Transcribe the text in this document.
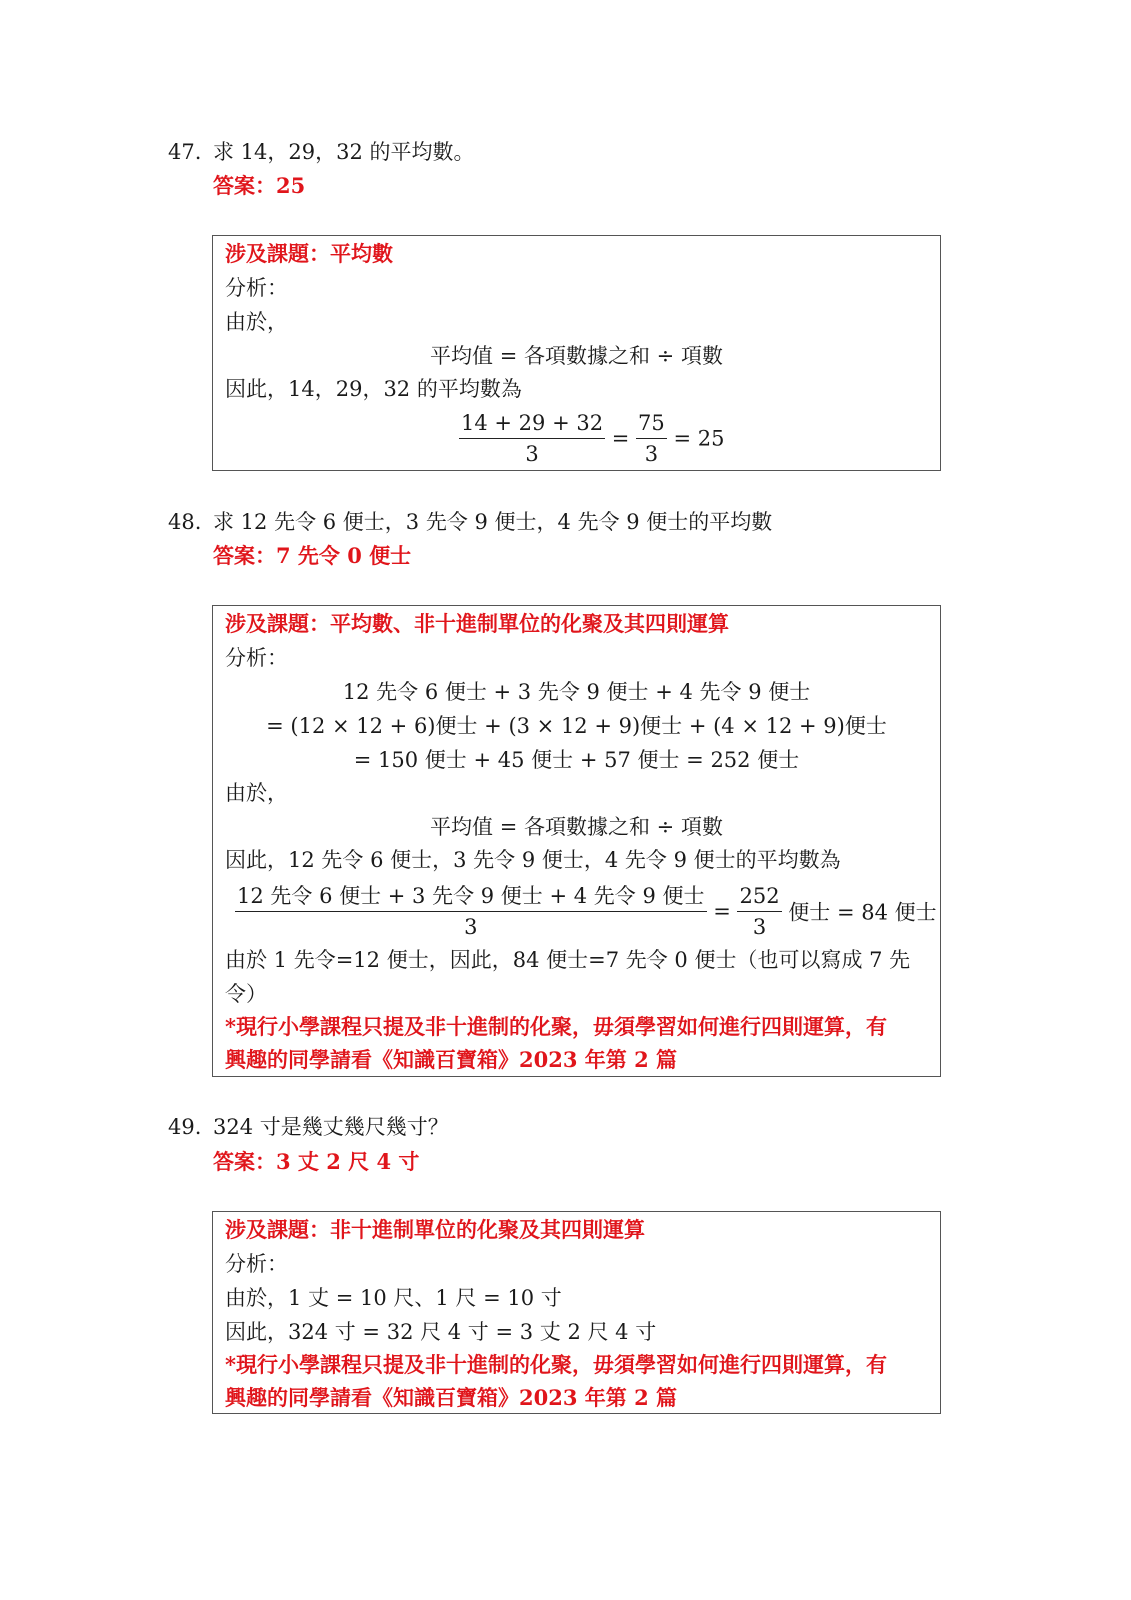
47. 求 14，29，32 的平均數。
答案：25
涉及課題：平均數
分析：
由於，
平均值 = 各項數據之和 ÷ 項數
因此，14，29，32 的平均數為
$\frac{14 + 29 + 32}{3} = \frac{75}{3} = 25$
48. 求 12 先令 6 便士，3 先令 9 便士，4 先令 9 便士的平均數
答案：7 先令 0 便士
涉及課題：平均數、非十進制單位的化聚及其四則運算
分析：
12 先令 6 便士 + 3 先令 9 便士 + 4 先令 9 便士
= (12 × 12 + 6)便士 + (3 × 12 + 9)便士 + (4 × 12 + 9)便士
= 150 便士 + 45 便士 + 57 便士 = 252 便士
由於，
平均值 = 各項數據之和 ÷ 項數
因此，12 先令 6 便士，3 先令 9 便士，4 先令 9 便士的平均數為
$\frac{\text{12 先令 6 便士 + 3 先令 9 便士 + 4 先令 9 便士}}{3} = \frac{252}{3}$ 便士 = 84 便士
由於 1 先令=12 便士，因此，84 便士=7 先令 0 便士（也可以寫成 7 先
令）
*現行小學課程只提及非十進制的化聚，毋須學習如何進行四則運算，有
興趣的同學請看《知識百寶箱》2023 年第 2 篇
49. 324 寸是幾丈幾尺幾寸？
答案：3 丈 2 尺 4 寸
涉及課題：非十進制單位的化聚及其四則運算
分析：
由於，1 丈 = 10 尺、1 尺 = 10 寸
因此，324 寸 = 32 尺 4 寸 = 3 丈 2 尺 4 寸
*現行小學課程只提及非十進制的化聚，毋須學習如何進行四則運算，有
興趣的同學請看《知識百寶箱》2023 年第 2 篇
